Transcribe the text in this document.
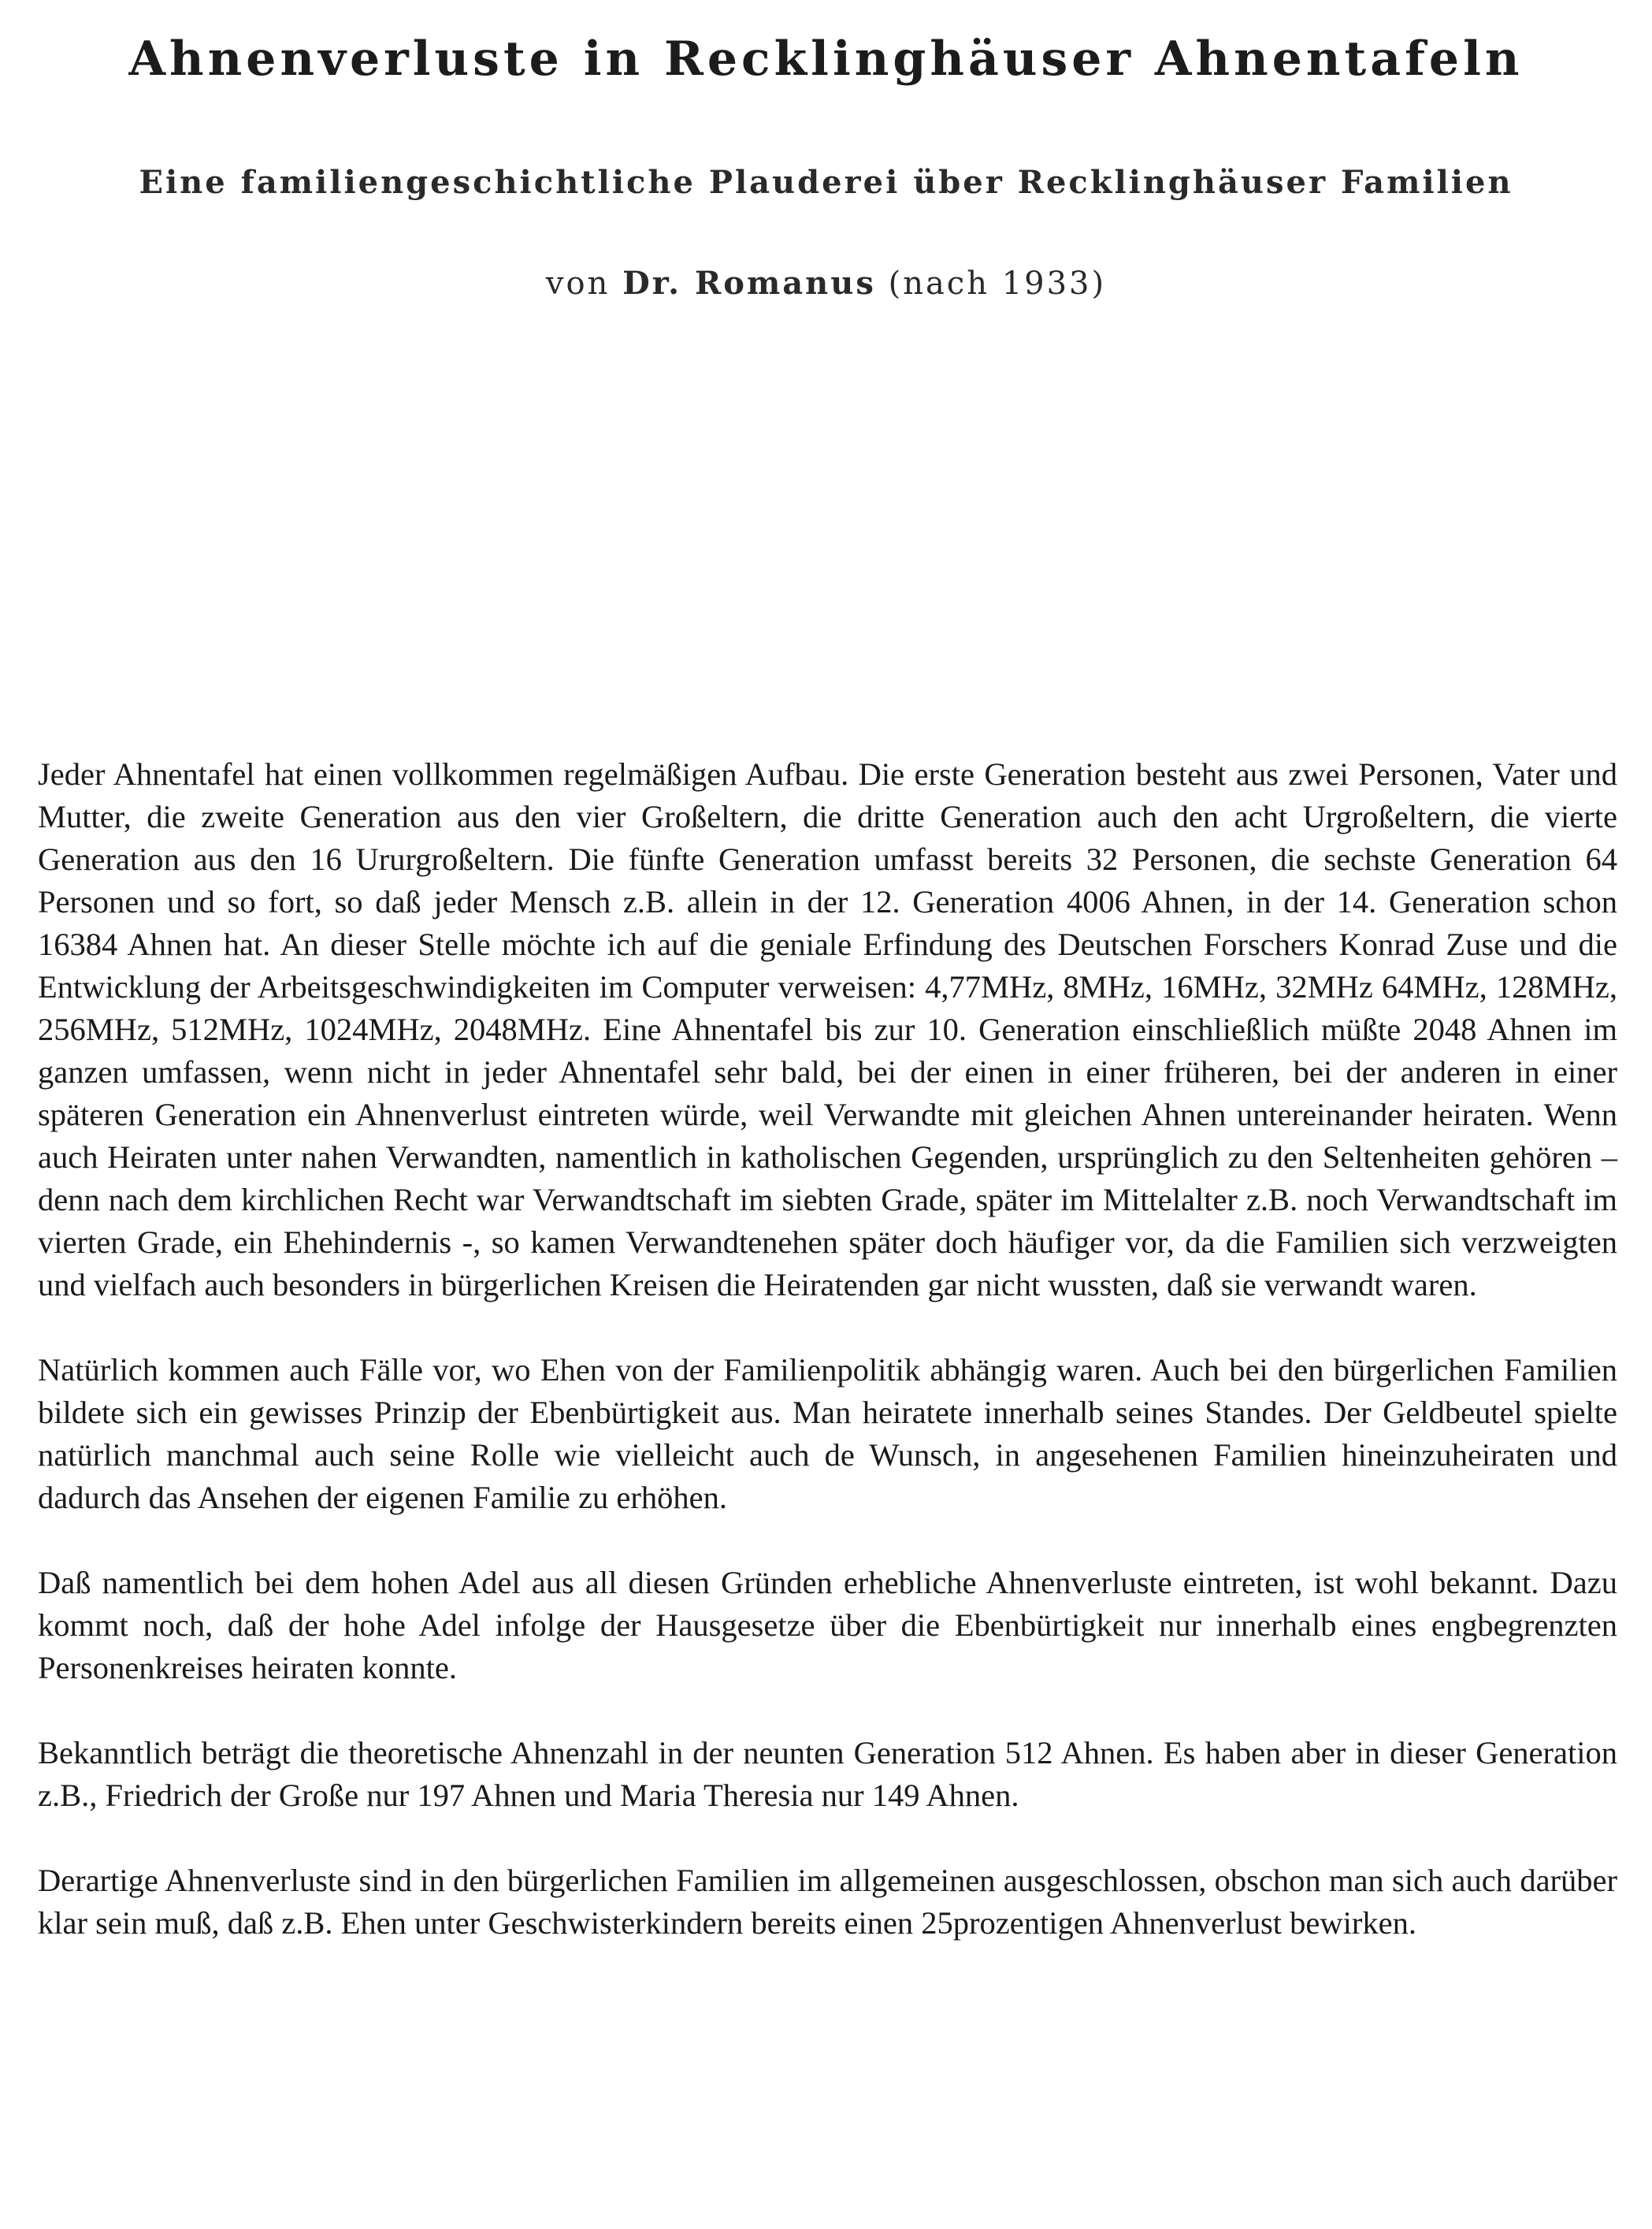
Ahnenverluste in Recklinghäuser Ahnentafeln
Eine familiengeschichtliche Plauderei über Recklinghäuser Familien
von Dr. Romanus (nach 1933)

Jeder Ahnentafel hat einen vollkommen regelmäßigen Aufbau. Die erste Generation besteht aus zwei Personen, Vater und Mutter, die zweite Generation aus den vier Großeltern, die dritte Generation auch den acht Urgroßeltern, die vierte Generation aus den 16 Ururgroßeltern. Die fünfte Generation umfasst bereits 32 Personen, die sechste Generation 64 Personen und so fort, so daß jeder Mensch z.B. allein in der 12. Generation 4006 Ahnen, in der 14. Generation schon 16384 Ahnen hat. An dieser Stelle möchte ich auf die geniale Erfindung des Deutschen Forschers Konrad Zuse und die Entwicklung der Arbeitsgeschwindigkeiten im Computer verweisen: 4,77MHz, 8MHz, 16MHz, 32MHz 64MHz, 128MHz, 256MHz, 512MHz, 1024MHz, 2048MHz. Eine Ahnentafel bis zur 10. Generation einschließlich müßte 2048 Ahnen im ganzen umfassen, wenn nicht in jeder Ahnentafel sehr bald, bei der einen in einer früheren, bei der anderen in einer späteren Generation ein Ahnenverlust eintreten würde, weil Verwandte mit gleichen Ahnen untereinander heiraten. Wenn auch Heiraten unter nahen Verwandten, namentlich in katholischen Gegenden, ursprünglich zu den Seltenheiten gehören – denn nach dem kirchlichen Recht war Verwandtschaft im siebten Grade, später im Mittelalter z.B. noch Verwandtschaft im vierten Grade, ein Ehehindernis -, so kamen Verwandtenehen später doch häufiger vor, da die Familien sich verzweigten und vielfach auch besonders in bürgerlichen Kreisen die Heiratenden gar nicht wussten, daß sie verwandt waren.

Natürlich kommen auch Fälle vor, wo Ehen von der Familienpolitik abhängig waren. Auch bei den bürgerlichen Familien bildete sich ein gewisses Prinzip der Ebenbürtigkeit aus. Man heiratete innerhalb seines Standes. Der Geldbeutel spielte natürlich manchmal auch seine Rolle wie vielleicht auch de Wunsch, in angesehenen Familien hineinzuheiraten und dadurch das Ansehen der eigenen Familie zu erhöhen.

Daß namentlich bei dem hohen Adel aus all diesen Gründen erhebliche Ahnenverluste eintreten, ist wohl bekannt. Dazu kommt noch, daß der hohe Adel infolge der Hausgesetze über die Ebenbürtigkeit nur innerhalb eines engbegrenzten Personenkreises heiraten konnte.

Bekanntlich beträgt die theoretische Ahnenzahl in der neunten Generation 512 Ahnen. Es haben aber in dieser Generation z.B., Friedrich der Große nur 197 Ahnen und Maria Theresia nur 149 Ahnen.

Derartige Ahnenverluste sind in den bürgerlichen Familien im allgemeinen ausgeschlossen, obschon man sich auch darüber klar sein muß, daß z.B. Ehen unter Geschwisterkindern bereits einen 25prozentigen Ahnenverlust bewirken.
